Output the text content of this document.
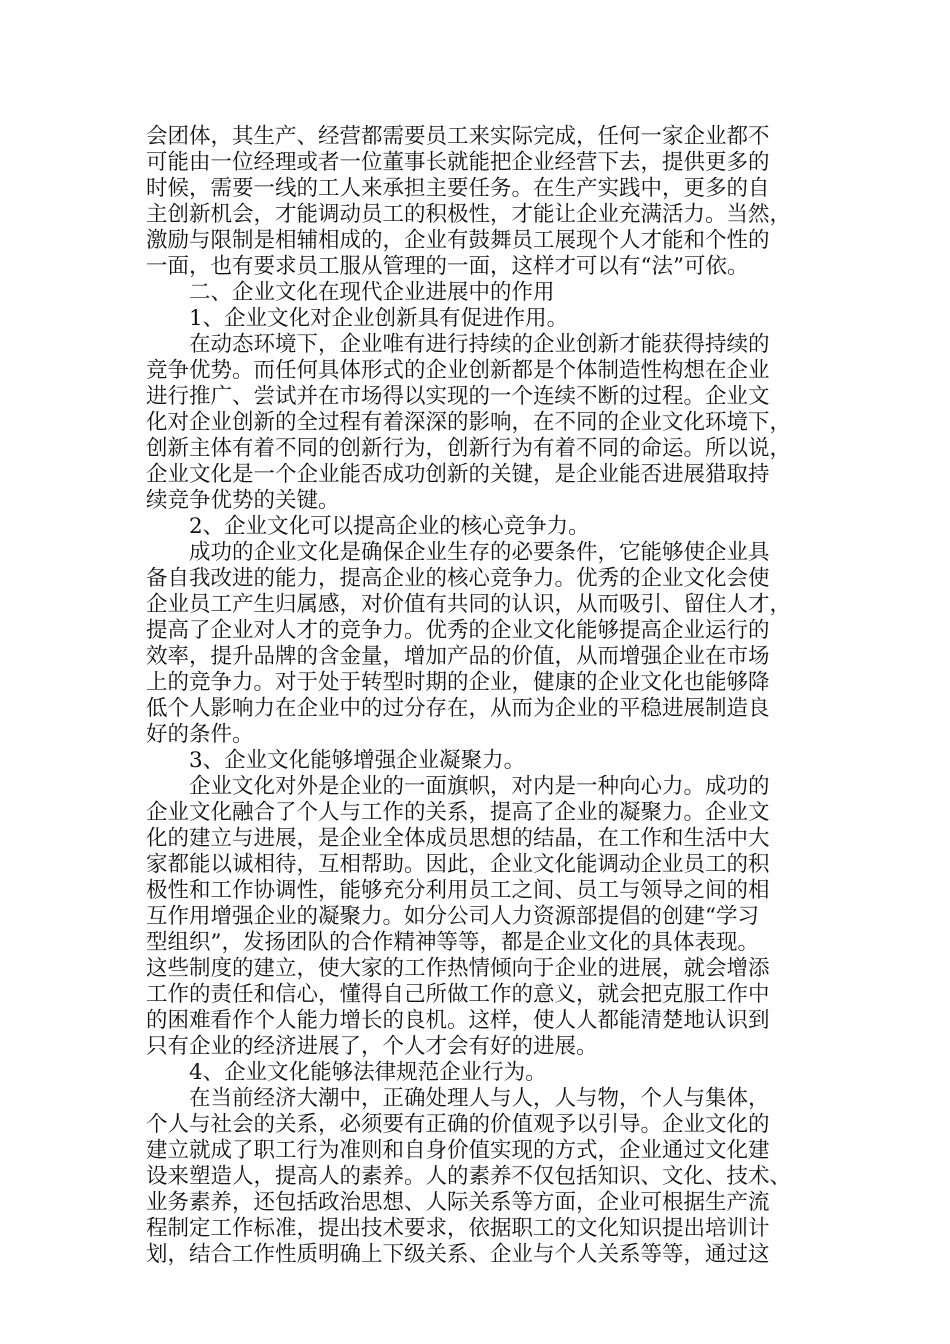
会团体，其生产、经营都需要员工来实际完成，任何一家企业都不
可能由一位经理或者一位董事长就能把企业经营下去，提供更多的
时候，需要一线的工人来承担主要任务。在生产实践中，更多的自
主创新机会，才能调动员工的积极性，才能让企业充满活力。当然，
激励与限制是相辅相成的，企业有鼓舞员工展现个人才能和个性的
一面，也有要求员工服从管理的一面，这样才可以有“法”可依。
二、企业文化在现代企业进展中的作用
1、企业文化对企业创新具有促进作用。
在动态环境下，企业唯有进行持续的企业创新才能获得持续的
竞争优势。而任何具体形式的企业创新都是个体制造性构想在企业
进行推广、尝试并在市场得以实现的一个连续不断的过程。企业文
化对企业创新的全过程有着深深的影响，在不同的企业文化环境下，
创新主体有着不同的创新行为，创新行为有着不同的命运。所以说，
企业文化是一个企业能否成功创新的关键，是企业能否进展猎取持
续竞争优势的关键。
2、企业文化可以提高企业的核心竞争力。
成功的企业文化是确保企业生存的必要条件，它能够使企业具
备自我改进的能力，提高企业的核心竞争力。优秀的企业文化会使
企业员工产生归属感，对价值有共同的认识，从而吸引、留住人才，
提高了企业对人才的竞争力。优秀的企业文化能够提高企业运行的
效率，提升品牌的含金量，增加产品的价值，从而增强企业在市场
上的竞争力。对于处于转型时期的企业，健康的企业文化也能够降
低个人影响力在企业中的过分存在，从而为企业的平稳进展制造良
好的条件。
3、企业文化能够增强企业凝聚力。
企业文化对外是企业的一面旗帜，对内是一种向心力。成功的
企业文化融合了个人与工作的关系，提高了企业的凝聚力。企业文
化的建立与进展，是企业全体成员思想的结晶，在工作和生活中大
家都能以诚相待，互相帮助。因此，企业文化能调动企业员工的积
极性和工作协调性，能够充分利用员工之间、员工与领导之间的相
互作用增强企业的凝聚力。如分公司人力资源部提倡的创建“学习
型组织”，发扬团队的合作精神等等，都是企业文化的具体表现。
这些制度的建立，使大家的工作热情倾向于企业的进展，就会增添
工作的责任和信心，懂得自己所做工作的意义，就会把克服工作中
的困难看作个人能力增长的良机。这样，使人人都能清楚地认识到
只有企业的经济进展了，个人才会有好的进展。
4、企业文化能够法律规范企业行为。
在当前经济大潮中，正确处理人与人，人与物，个人与集体，
个人与社会的关系，必须要有正确的价值观予以引导。企业文化的
建立就成了职工行为准则和自身价值实现的方式，企业通过文化建
设来塑造人，提高人的素养。人的素养不仅包括知识、文化、技术、
业务素养，还包括政治思想、人际关系等方面，企业可根据生产流
程制定工作标准，提出技术要求，依据职工的文化知识提出培训计
划，结合工作性质明确上下级关系、企业与个人关系等等，通过这
